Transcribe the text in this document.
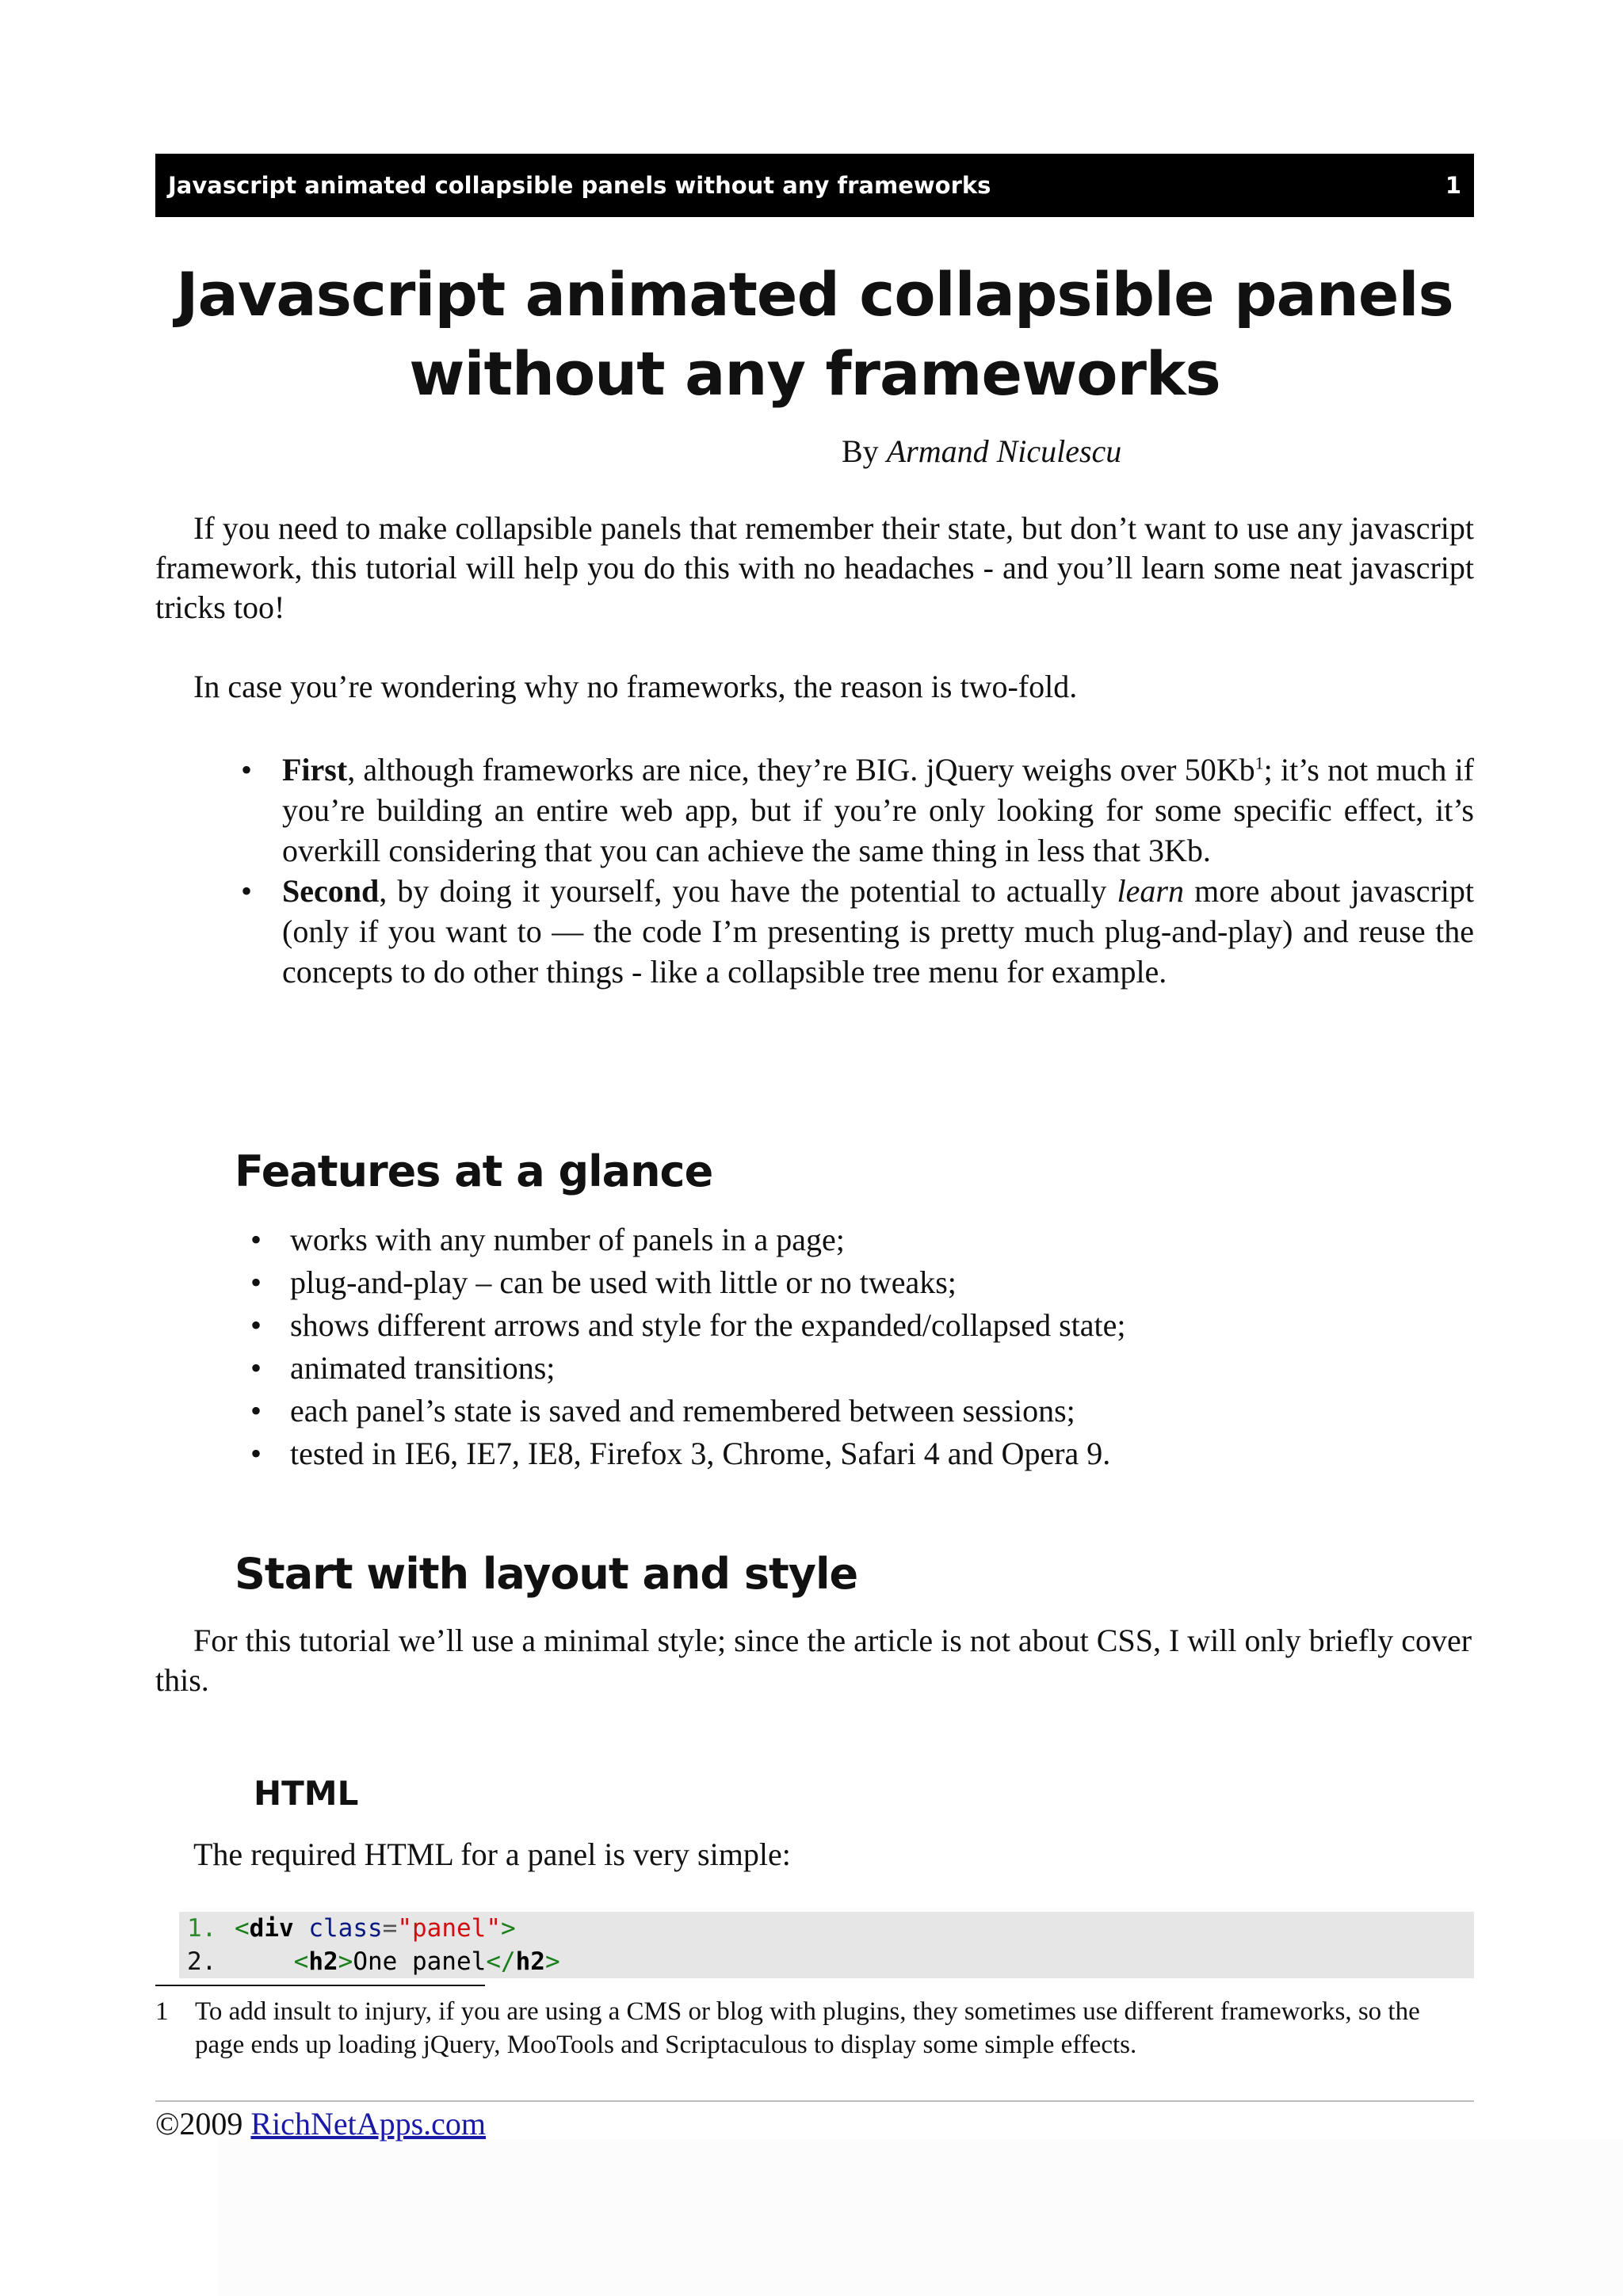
Javascript animated collapsible panels without any frameworks	1
Javascript animated collapsible panels
without any frameworks
By Armand Niculescu

If you need to make collapsible panels that remember their state, but don’t want to use any javascript framework, this tutorial will help you do this with no headaches - and you’ll learn some neat javascript tricks too!

In case you’re wondering why no frameworks, the reason is two-fold.

• First, although frameworks are nice, they’re BIG. jQuery weighs over 50Kb$^1$; it’s not much if you’re building an entire web app, but if you’re only looking for some specific effect, it’s overkill considering that you can achieve the same thing in less that 3Kb.
• Second, by doing it yourself, you have the potential to actually learn more about javascript (only if you want to — the code I’m presenting is pretty much plug-and-play) and reuse the concepts to do other things - like a collapsible tree menu for example.
Features at a glance
• works with any number of panels in a page;
• plug-and-play – can be used with little or no tweaks;
• shows different arrows and style for the expanded/collapsed state;
• animated transitions;
• each panel’s state is saved and remembered between sessions;
• tested in IE6, IE7, IE8, Firefox 3, Chrome, Safari 4 and Opera 9.
Start with layout and style

For this tutorial we’ll use a minimal style; since the article is not about CSS, I will only briefly cover this.

HTML

The required HTML for a panel is very simple:

1.

<div class="panel">

2.

	<h2>One panel</h2>

1 To add insult to injury, if you are using a CMS or blog with plugins, they sometimes use different frameworks, so the page ends up loading jQuery, MooTools and Scriptaculous to display some simple effects.
©2009 RichNetApps.com
